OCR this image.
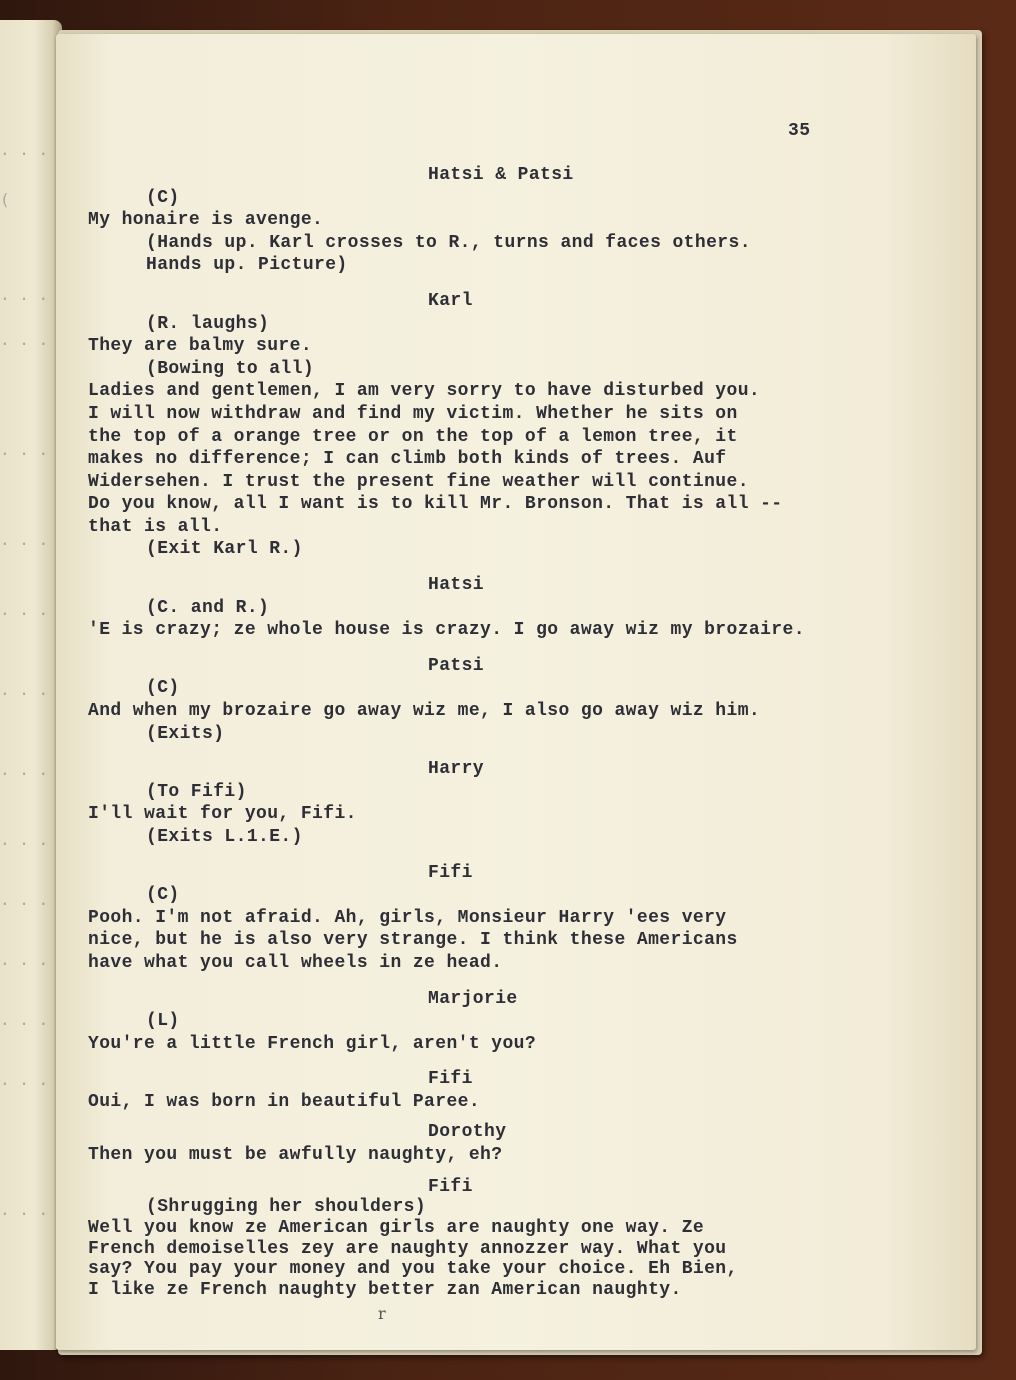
. . .
)
. . .
. . .
. . .
. . .
. . .
. . .
. . .
. . .
. . .
. . .
. . .
. . .
. . .
35
Hatsi & Patsi
(C)
My honaire is avenge.
(Hands up. Karl crosses to R., turns and faces others.
Hands up. Picture)
Karl
(R. laughs)
They are balmy sure.
(Bowing to all)
Ladies and gentlemen, I am very sorry to have disturbed you.
I will now withdraw and find my victim. Whether he sits on
the top of a orange tree or on the top of a lemon tree, it
makes no difference; I can climb both kinds of trees. Auf
Widersehen. I trust the present fine weather will continue.
Do you know, all I want is to kill Mr. Bronson. That is all --
that is all.
(Exit Karl R.)
Hatsi
(C. and R.)
'E is crazy; ze whole house is crazy. I go away wiz my brozaire.
Patsi
(C)
And when my brozaire go away wiz me, I also go away wiz him.
(Exits)
Harry
(To Fifi)
I'll wait for you, Fifi.
(Exits L.1.E.)
Fifi
(C)
Pooh. I'm not afraid. Ah, girls, Monsieur Harry 'ees very
nice, but he is also very strange. I think these Americans
have what you call wheels in ze head.
Marjorie
(L)
You're a little French girl, aren't you?
Fifi
Oui, I was born in beautiful Paree.
Dorothy
Then you must be awfully naughty, eh?
Fifi
(Shrugging her shoulders)
Well you know ze American girls are naughty one way. Ze
French demoiselles zey are naughty annozzer way. What you
say? You pay your money and you take your choice. Eh Bien,
I like ze French naughty better zan American naughty.
r
